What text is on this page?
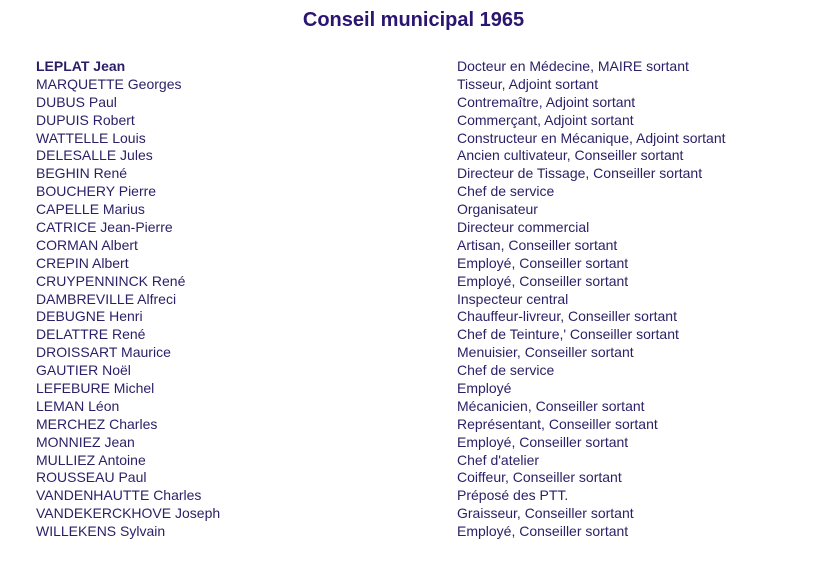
Conseil municipal 1965
LEPLAT Jean	Docteur en Médecine, MAIRE sortant
MARQUETTE Georges	Tisseur, Adjoint sortant
DUBUS Paul	Contremaître, Adjoint sortant
DUPUIS Robert	Commerçant, Adjoint sortant
WATTELLE Louis	Constructeur en Mécanique, Adjoint sortant
DELESALLE Jules	Ancien cultivateur, Conseiller sortant
BEGHIN René	Directeur de Tissage, Conseiller sortant
BOUCHERY Pierre	Chef de service
CAPELLE Marius	Organisateur
CATRICE Jean-Pierre	Directeur commercial
CORMAN Albert	Artisan, Conseiller sortant
CREPIN Albert	Employé, Conseiller sortant
CRUYPENNINCK René	Employé, Conseiller sortant
DAMBREVILLE Alfreci	Inspecteur central
DEBUGNE Henri	Chauffeur-livreur, Conseiller sortant
DELATTRE René	Chef de Teinture,' Conseiller sortant
DROISSART Maurice	Menuisier, Conseiller sortant
GAUTIER Noël	Chef de service
LEFEBURE Michel	Employé
LEMAN Léon	Mécanicien, Conseiller sortant
MERCHEZ Charles	Représentant, Conseiller sortant
MONNIEZ Jean	Employé, Conseiller sortant
MULLIEZ Antoine	Chef d'atelier
ROUSSEAU Paul	Coiffeur, Conseiller sortant
VANDENHAUTTE Charles	Préposé des PTT.
VANDEKERCKHOVE Joseph	Graisseur, Conseiller sortant
WILLEKENS Sylvain	Employé, Conseiller sortant
